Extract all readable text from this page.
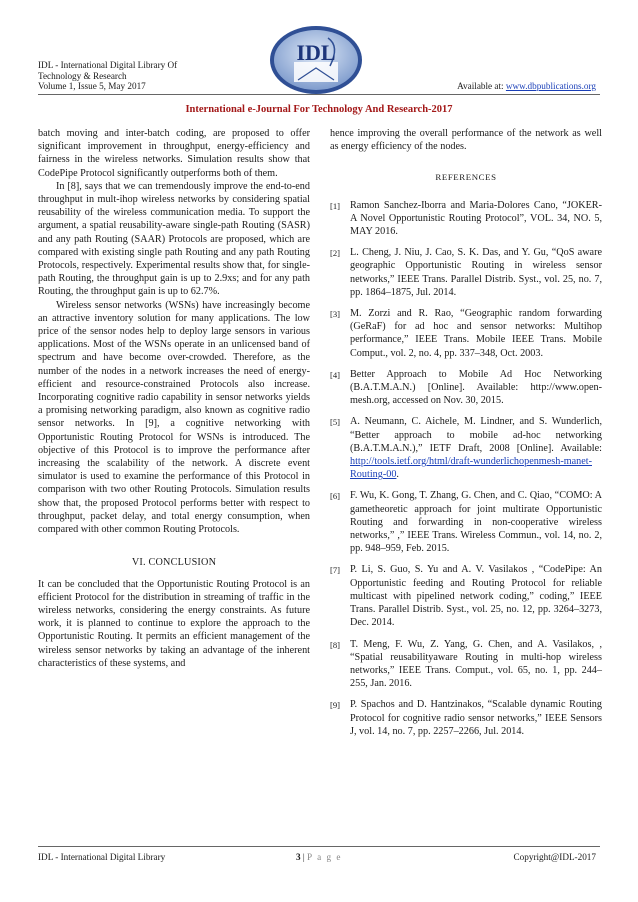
IDL - International Digital Library Of
Technology & Research
Volume 1, Issue 5, May 2017
IDL
Available at: www.dbpublications.org
International e-Journal For Technology And Research-2017

batch moving and inter-batch coding, are proposed to offer significant improvement in throughput, energy-efficiency and fairness in the wireless networks. Simulation results show that CodePipe Protocol significantly outperforms both of them.

In [8], says that we can tremendously improve the end-to-end throughput in mult-ihop wireless networks by considering spatial reusability of the wireless communication media. To support the argument, a spatial reusability-aware single-path Routing (SASR) and any path Routing (SAAR) Protocols are proposed, which are compared with existing single path Routing and any path Routing Protocols, respectively. Experimental results show that, for single-path Routing, the throughput gain is up to 2.9xs; and for any path Routing, the throughput gain is up to 62.7%.

Wireless sensor networks (WSNs) have increasingly become an attractive inventory solution for many applications. The low price of the sensor nodes help to deploy large sensors in various applications. Most of the WSNs operate in an unlicensed band of spectrum and have become over-crowded. Therefore, as the number of the nodes in a network increases the need of energy-efficient and resource-constrained Protocols also increase. Incorporating cognitive radio capability in sensor networks yields a promising networking paradigm, also known as cognitive radio sensor networks. In [9], a cognitive networking with Opportunistic Routing Protocol for WSNs is introduced. The objective of this Protocol is to improve the performance after increasing the scalability of the network. A discrete event simulator is used to examine the performance of this Protocol in comparison with two other Routing Protocols. Simulation results show that, the proposed Protocol performs better with respect to throughput, packet delay, and total energy consumption, when compared with other common Routing Protocols.

VI. CONCLUSION

It can be concluded that the Opportunistic Routing Protocol is an efficient Protocol for the distribution in streaming of traffic in the wireless networks, considering the energy constraints. As future work, it is planned to continue to explore the approach to the Opportunistic Routing. It permits an efficient management of the wireless sensor networks by taking an advantage of the inherent characteristics of these systems, and

hence improving the overall performance of the network as well as energy efficiency of the nodes.

REFERENCES
[1] Ramon Sanchez-Iborra and Maria-Dolores Cano, “JOKER- A Novel Opportunistic Routing Protocol”, VOL. 34, NO. 5, MAY 2016.
[2] L. Cheng, J. Niu, J. Cao, S. K. Das, and Y. Gu, “QoS aware geographic Opportunistic Routing in wireless sensor networks,” IEEE Trans. Parallel Distrib. Syst., vol. 25, no. 7, pp. 1864–1875, Jul. 2014.
[3] M. Zorzi and R. Rao, “Geographic random forwarding (GeRaF) for ad hoc and sensor networks: Multihop performance,” IEEE Trans. Mobile IEEE Trans. Mobile Comput., vol. 2, no. 4, pp. 337–348, Oct. 2003.
[4] Better Approach to Mobile Ad Hoc Networking (B.A.T.M.A.N.) [Online]. Available: http://www.open-mesh.org, accessed on Nov. 30, 2015.
[5] A. Neumann, C. Aichele, M. Lindner, and S. Wunderlich, “Better approach to mobile ad-hoc networking (B.A.T.M.A.N.),” IETF Draft, 2008 [Online]. Available: http://tools.ietf.org/html/draft-wunderlichopenmesh-manet-Routing-00.
[6] F. Wu, K. Gong, T. Zhang, G. Chen, and C. Qiao, “COMO: A gametheoretic approach for joint multirate Opportunistic Routing and forwarding in non-cooperative wireless networks,” ,” IEEE Trans. Wireless Commun., vol. 14, no. 2, pp. 948–959, Feb. 2015.
[7] P. Li, S. Guo, S. Yu and A. V. Vasilakos , “CodePipe: An Opportunistic feeding and Routing Protocol for reliable multicast with pipelined network coding,” coding,” IEEE Trans. Parallel Distrib. Syst., vol. 25, no. 12, pp. 3264–3273, Dec. 2014.
[8] T. Meng, F. Wu, Z. Yang, G. Chen, and A. Vasilakos, , “Spatial reusabilityaware Routing in multi-hop wireless networks,” IEEE Trans. Comput., vol. 65, no. 1, pp. 244–255, Jan. 2016.
[9] P. Spachos and D. Hantzinakos, “Scalable dynamic Routing Protocol for cognitive radio sensor networks,” IEEE Sensors J, vol. 14, no. 7, pp. 2257–2266, Jul. 2014.
IDL - International Digital Library	3 | P a g e	Copyright@IDL-2017
